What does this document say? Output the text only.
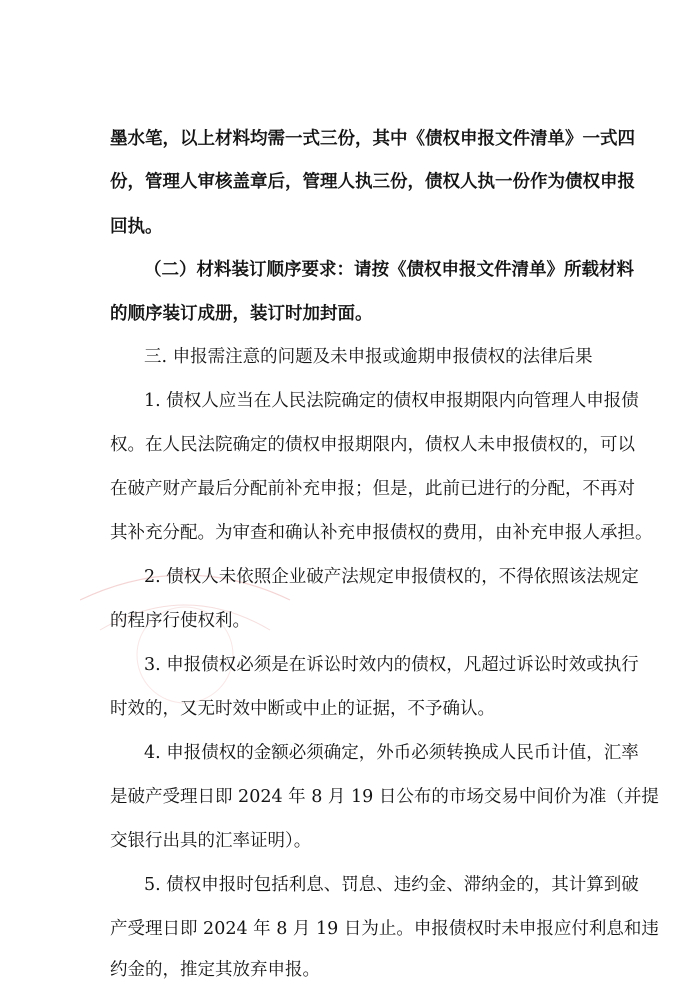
墨水笔，以上材料均需一式三份，其中《债权申报文件清单》一式四
份，管理人审核盖章后，管理人执三份，债权人执一份作为债权申报
回执。
（二）材料装订顺序要求：请按《债权申报文件清单》所载材料
的顺序装订成册，装订时加封面。
三. 申报需注意的问题及未申报或逾期申报债权的法律后果
1. 债权人应当在人民法院确定的债权申报期限内向管理人申报债
权。在人民法院确定的债权申报期限内，债权人未申报债权的，可以
在破产财产最后分配前补充申报；但是，此前已进行的分配，不再对
其补充分配。为审查和确认补充申报债权的费用，由补充申报人承担。
2. 债权人未依照企业破产法规定申报债权的，不得依照该法规定
的程序行使权利。
3. 申报债权必须是在诉讼时效内的债权，凡超过诉讼时效或执行
时效的，又无时效中断或中止的证据，不予确认。
4. 申报债权的金额必须确定，外币必须转换成人民币计值，汇率
是破产受理日即 2024 年 8 月 19 日公布的市场交易中间价为准（并提
交银行出具的汇率证明）。
5. 债权申报时包括利息、罚息、违约金、滞纳金的，其计算到破
产受理日即 2024 年 8 月 19 日为止。申报债权时未申报应付利息和违
约金的，推定其放弃申报。
